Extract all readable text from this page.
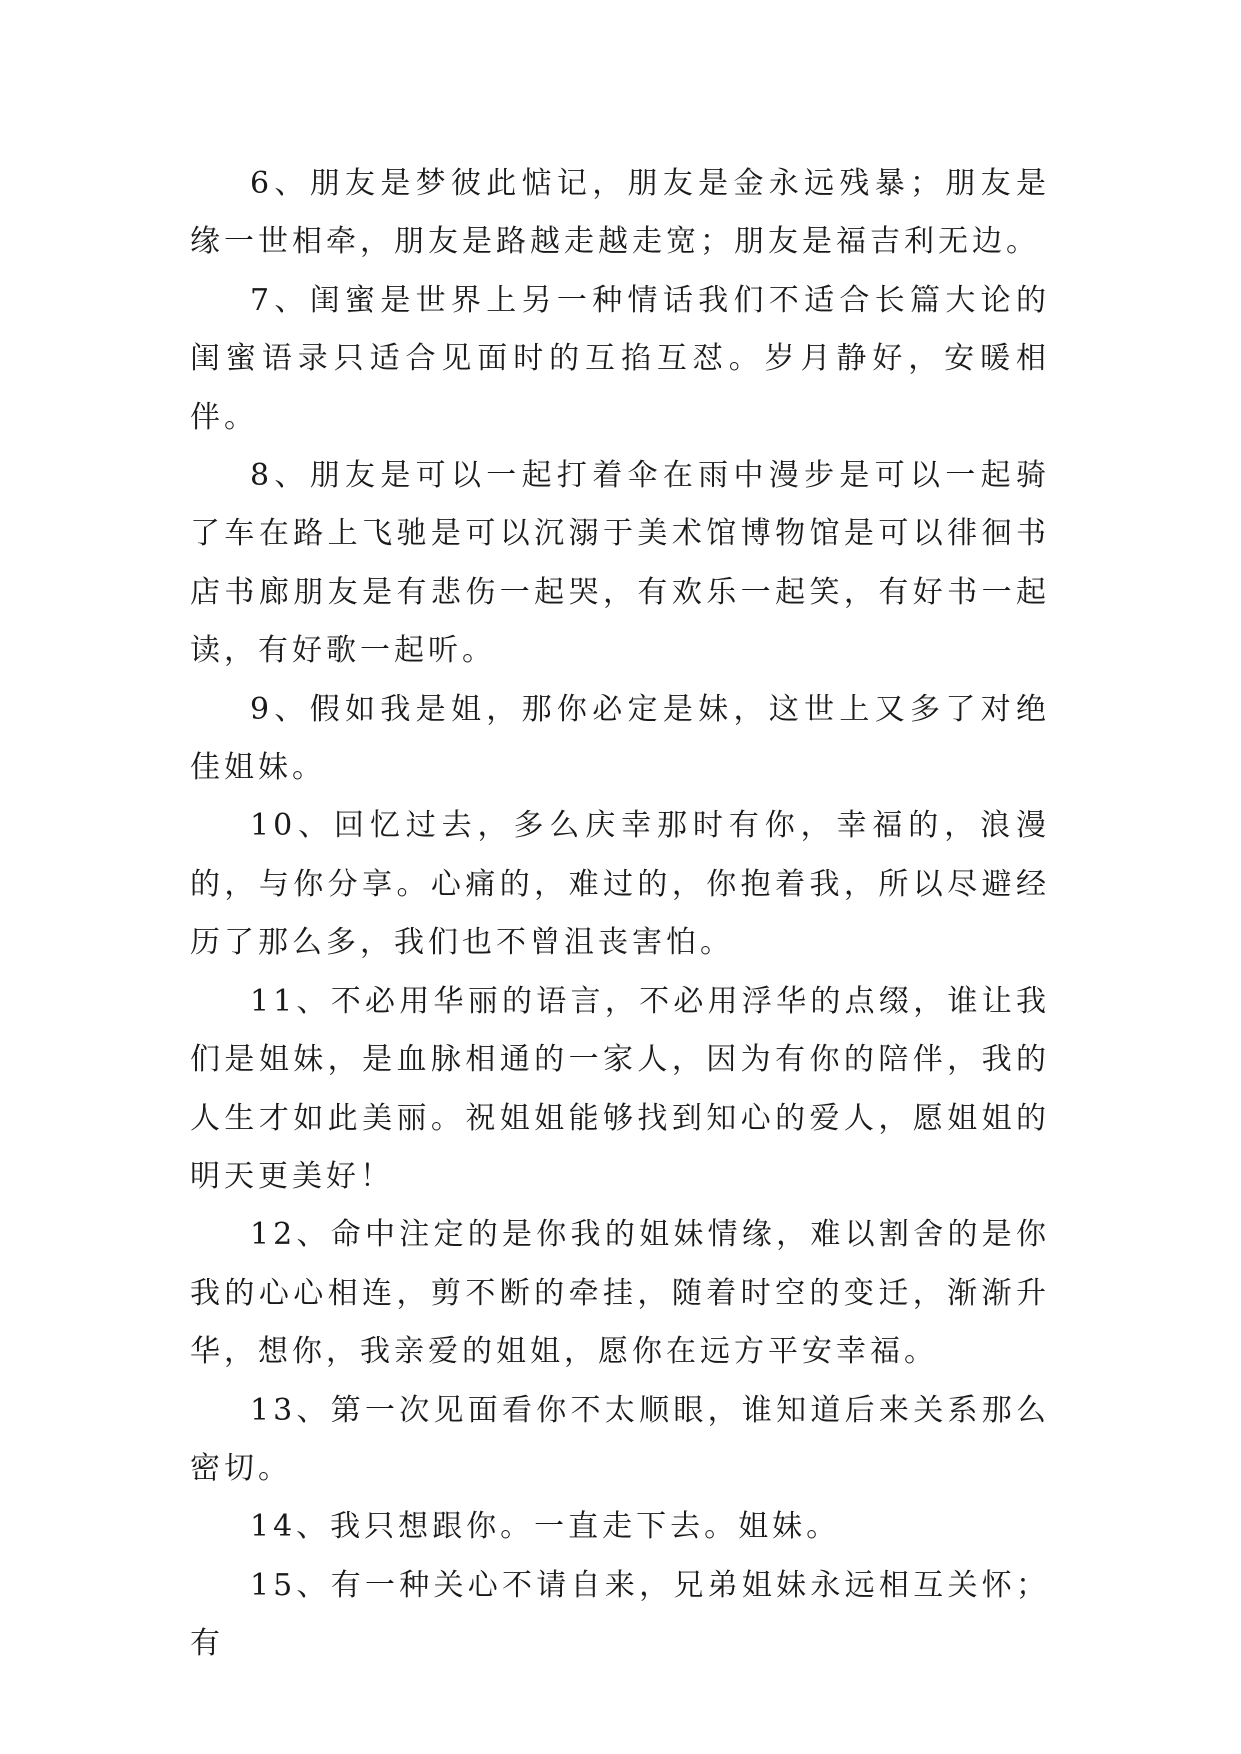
6、朋友是梦彼此惦记，朋友是金永远残暴；朋友是缘一世相牵，朋友是路越走越走宽；朋友是福吉利无边。

7、闺蜜是世界上另一种情话我们不适合长篇大论的闺蜜语录只适合见面时的互掐互怼。岁月静好，安暖相伴。

8、朋友是可以一起打着伞在雨中漫步是可以一起骑了车在路上飞驰是可以沉溺于美术馆博物馆是可以徘徊书店书廊朋友是有悲伤一起哭，有欢乐一起笑，有好书一起读，有好歌一起听。

9、假如我是姐，那你必定是妹，这世上又多了对绝佳姐妹。

10、回忆过去，多么庆幸那时有你，幸福的，浪漫的，与你分享。心痛的，难过的，你抱着我，所以尽避经历了那么多，我们也不曾沮丧害怕。

11、不必用华丽的语言，不必用浮华的点缀，谁让我们是姐妹，是血脉相通的一家人，因为有你的陪伴，我的人生才如此美丽。祝姐姐能够找到知心的爱人，愿姐姐的明天更美好！

12、命中注定的是你我的姐妹情缘，难以割舍的是你我的心心相连，剪不断的牵挂，随着时空的变迁，渐渐升华，想你，我亲爱的姐姐，愿你在远方平安幸福。

13、第一次见面看你不太顺眼，谁知道后来关系那么密切。

14、我只想跟你。一直走下去。姐妹。

15、有一种关心不请自来，兄弟姐妹永远相互关怀；有
